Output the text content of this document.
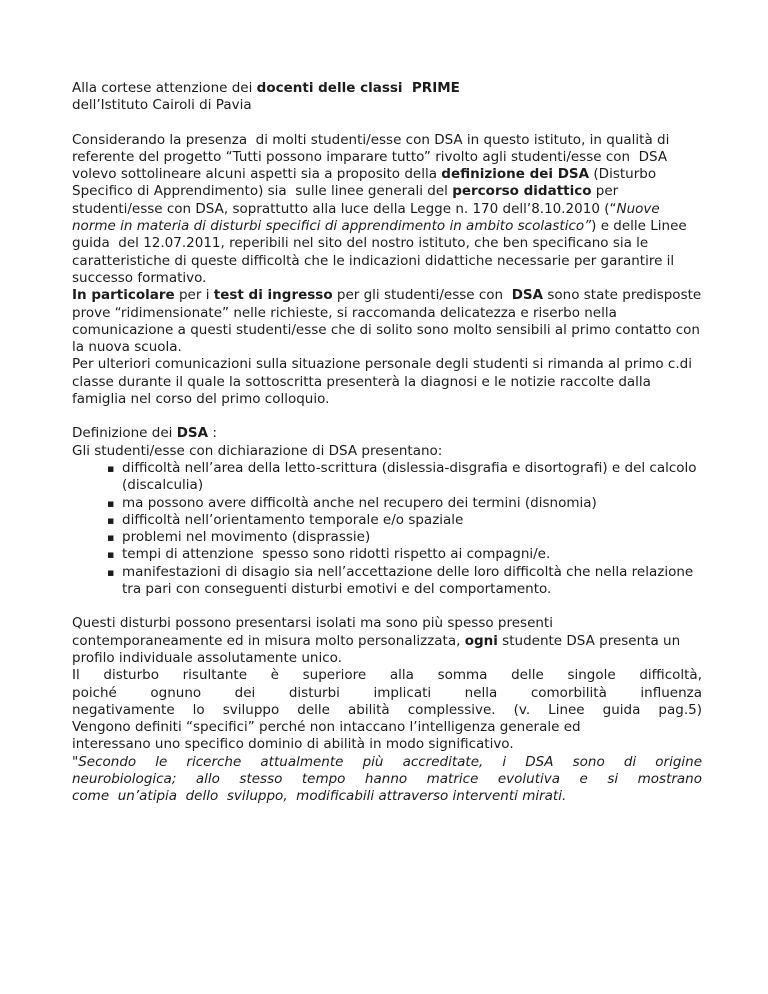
Alla cortese attenzione dei docenti delle classi  PRIME

dell’Istituto Cairoli di Pavia

Considerando la presenza  di molti studenti/esse con DSA in questo istituto, in qualità di referente del progetto “Tutti possono imparare tutto” rivolto agli studenti/esse con  DSA volevo sottolineare alcuni aspetti sia a proposito della definizione dei DSA (Disturbo Specifico di Apprendimento) sia  sulle linee generali del percorso didattico per studenti/esse con DSA, soprattutto alla luce della Legge n. 170 dell’8.10.2010 (“Nuove norme in materia di disturbi specifici di apprendimento in ambito scolastico”) e delle Linee guida  del 12.07.2011, reperibili nel sito del nostro istituto, che ben specificano sia le caratteristiche di queste difficoltà che le indicazioni didattiche necessarie per garantire il successo formativo.

In particolare per i test di ingresso per gli studenti/esse con  DSA sono state predisposte prove “ridimensionate” nelle richieste, si raccomanda delicatezza e riserbo nella comunicazione a questi studenti/esse che di solito sono molto sensibili al primo contatto con la nuova scuola.

Per ulteriori comunicazioni sulla situazione personale degli studenti si rimanda al primo c.di classe durante il quale la sottoscritta presenterà la diagnosi e le notizie raccolte dalla famiglia nel corso del primo colloquio.

Definizione dei DSA :

Gli studenti/esse con dichiarazione di DSA presentano:

▪ difficoltà nell’area della letto-scrittura (dislessia-disgrafia e disortografi) e del calcolo (discalculia)
▪ ma possono avere difficoltà anche nel recupero dei termini (disnomia)
▪ difficoltà nell’orientamento temporale e/o spaziale
▪ problemi nel movimento (disprassie)
▪ tempi di attenzione  spesso sono ridotti rispetto ai compagni/e.
▪ manifestazioni di disagio sia nell’accettazione delle loro difficoltà che nella relazione tra pari con conseguenti disturbi emotivi e del comportamento.

Questi disturbi possono presentarsi isolati ma sono più spesso presenti contemporaneamente ed in misura molto personalizzata, ogni studente DSA presenta un profilo individuale assolutamente unico.

Il disturbo risultante è superiore alla somma delle singole difficoltà,
poiché ognuno dei disturbi implicati nella comorbilità influenza
negativamente lo sviluppo delle abilità complessive. (v. Linee guida pag.5)
Vengono definiti “specifici” perché non intaccano l’intelligenza generale ed
interessano uno specifico dominio di abilità in modo significativo.
"Secondo le ricerche attualmente più accreditate, i DSA sono di origine
neurobiologica; allo stesso tempo hanno matrice evolutiva e si mostrano
come  un’atipia  dello  sviluppo,  modificabili attraverso interventi mirati.
